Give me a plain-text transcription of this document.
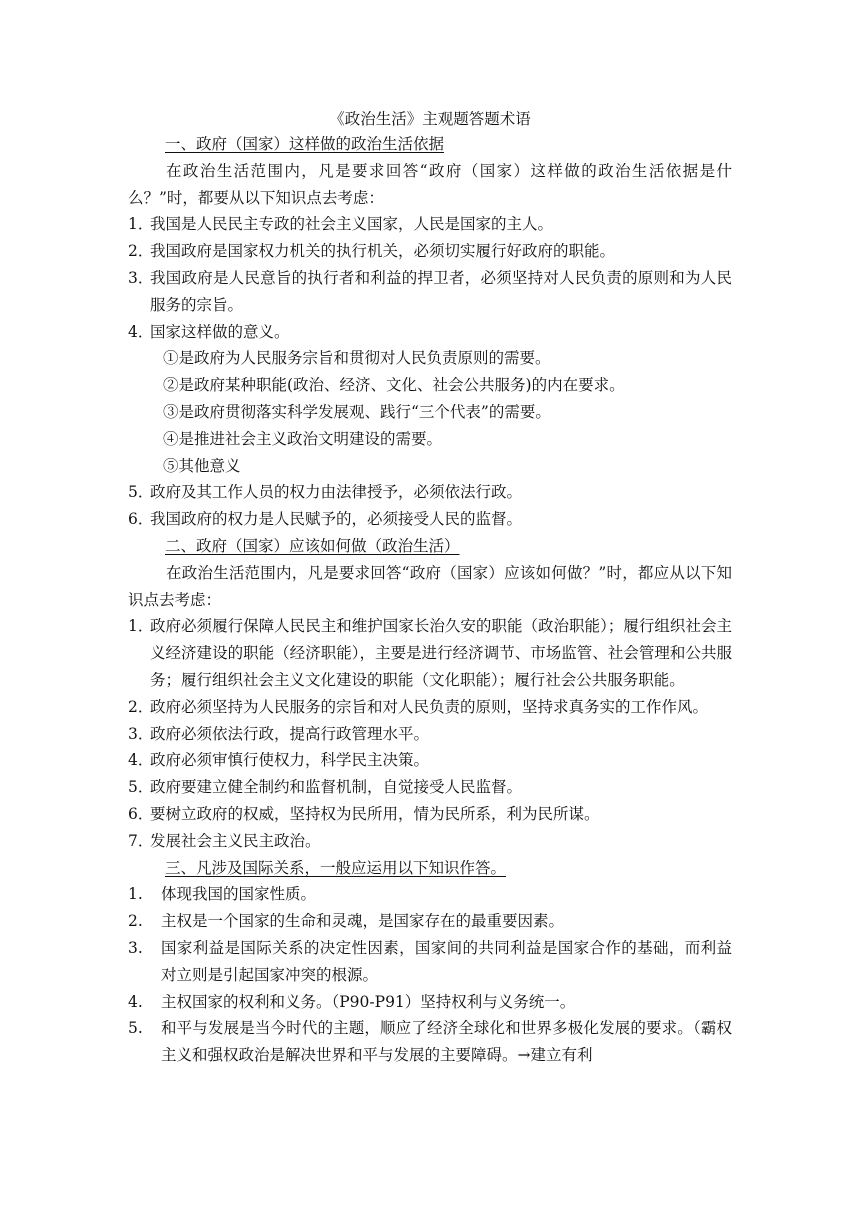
《政治生活》主观题答题术语
一、政府（国家）这样做的政治生活依据
在政治生活范围内，凡是要求回答“政府（国家）这样做的政治生活依据是什么？”时，都要从以下知识点去考虑：
1．
我国是人民民主专政的社会主义国家，人民是国家的主人。
2．
我国政府是国家权力机关的执行机关，必须切实履行好政府的职能。
3．
我国政府是人民意旨的执行者和利益的捍卫者，必须坚持对人民负责的原则和为人民服务的宗旨。
4．
国家这样做的意义。
①是政府为人民服务宗旨和贯彻对人民负责原则的需要。
②是政府某种职能(政治、经济、文化、社会公共服务)的内在要求。
③是政府贯彻落实科学发展观、践行“三个代表”的需要。
④是推进社会主义政治文明建设的需要。
⑤其他意义
5．
政府及其工作人员的权力由法律授予，必须依法行政。
6．
我国政府的权力是人民赋予的，必须接受人民的监督。
二、政府（国家）应该如何做（政治生活）
在政治生活范围内，凡是要求回答“政府（国家）应该如何做？”时，都应从以下知识点去考虑：
1．
政府必须履行保障人民民主和维护国家长治久安的职能（政治职能）；履行组织社会主义经济建设的职能（经济职能），主要是进行经济调节、市场监管、社会管理和公共服务；履行组织社会主义文化建设的职能（文化职能）；履行社会公共服务职能。
2．
政府必须坚持为人民服务的宗旨和对人民负责的原则，坚持求真务实的工作作风。
3．
政府必须依法行政，提高行政管理水平。
4．
政府必须审慎行使权力，科学民主决策。
5．
政府要建立健全制约和监督机制，自觉接受人民监督。
6．
要树立政府的权威，坚持权为民所用，情为民所系，利为民所谋。
7．
发展社会主义民主政治。
三、凡涉及国际关系，一般应运用以下知识作答。
1.	体现我国的国家性质。
2.	主权是一个国家的生命和灵魂，是国家存在的最重要因素。
3.	国家利益是国际关系的决定性因素，国家间的共同利益是国家合作的基础，而利益对立则是引起国家冲突的根源。
4.	主权国家的权利和义务。（P90-P91）坚持权利与义务统一。
5.	和平与发展是当今时代的主题，顺应了经济全球化和世界多极化发展的要求。（霸权主义和强权政治是解决世界和平与发展的主要障碍。→建立有利
